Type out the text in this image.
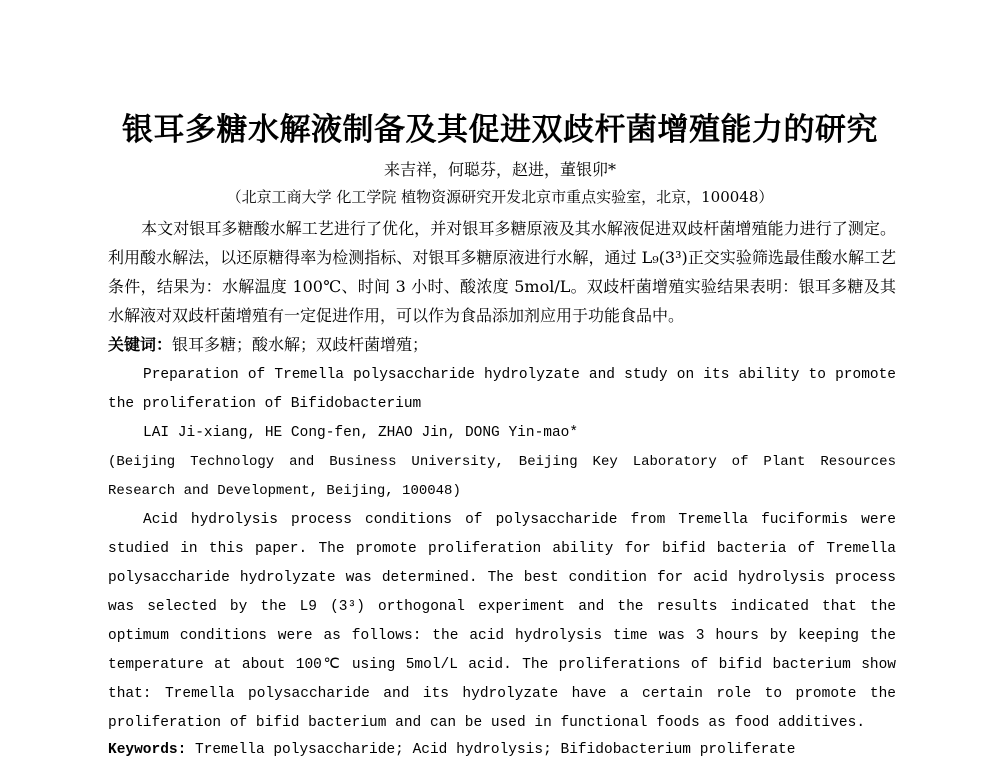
银耳多糖水解液制备及其促进双歧杆菌增殖能力的研究
来吉祥，何聪芬，赵进，董银卯*
（北京工商大学 化工学院 植物资源研究开发北京市重点实验室，北京，100048）
本文对银耳多糖酸水解工艺进行了优化，并对银耳多糖原液及其水解液促进双歧杆菌增殖能力进行了测定。利用酸水解法，以还原糖得率为检测指标、对银耳多糖原液进行水解，通过 L₉(3³)正交实验筛选最佳酸水解工艺条件，结果为：水解温度 100℃、时间 3 小时、酸浓度 5mol/L。双歧杆菌增殖实验结果表明：银耳多糖及其水解液对双歧杆菌增殖有一定促进作用，可以作为食品添加剂应用于功能食品中。
关键词：银耳多糖；酸水解；双歧杆菌增殖；
Preparation of Tremella polysaccharide hydrolyzate and study on its ability to promote the proliferation of Bifidobacterium
LAI Ji-xiang, HE Cong-fen, ZHAO Jin, DONG Yin-mao*
(Beijing Technology and Business University, Beijing Key Laboratory of Plant Resources Research and Development, Beijing, 100048)
Acid hydrolysis process conditions of polysaccharide from Tremella fuciformis were studied in this paper. The promote proliferation ability for bifid bacteria of Tremella polysaccharide hydrolyzate was determined. The best condition for acid hydrolysis process was selected by the L9 (3³) orthogonal experiment and the results indicated that the optimum conditions were as follows: the acid hydrolysis time was 3 hours by keeping the temperature at about 100℃ using 5mol/L acid. The proliferations of bifid bacterium show that: Tremella polysaccharide and its hydrolyzate have a certain role to promote the proliferation of bifid bacterium and can be used in functional foods as food additives.
Keywords: Tremella polysaccharide; Acid hydrolysis; Bifidobacterium proliferate
